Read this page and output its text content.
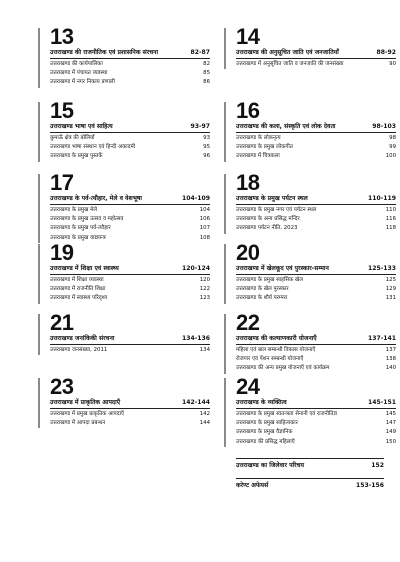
13
उत्तराखण्ड की राजनीतिक एवं प्रशासनिक संरचना	82-87
उत्तराखण्ड की कार्यपालिका	82
उत्तराखण्ड में पंचायत व्यवस्था	85
उत्तराखण्ड में नगर निकाय प्रणाली	86
15
उत्तराखण्ड भाषा एवं साहित्य	93-97
कुमाऊँ क्षेत्र की बोलियाँ	93
उत्तराखण्ड भाषा संस्थान एवं हिन्दी अकादमी	95
उत्तराखण्ड के प्रमुख पुस्तकें	96
17
उत्तराखण्ड के पर्व-त्यौहार, मेले व वेशभूषा	104-109
उत्तराखण्ड के प्रमुख मेले	104
उत्तराखण्ड के प्रमुख उत्सव व महोत्सव	106
उत्तराखण्ड के प्रमुख पर्व-त्यौहार	107
उत्तराखण्ड के प्रमुख वाद्ययन्त्र	108
19
उत्तराखण्ड में शिक्षा एवं स्वास्थ्य	120-124
उत्तराखण्ड में शिक्षा व्यवस्था	120
उत्तराखण्ड में राजनीति शिक्षा	122
उत्तराखण्ड में स्वास्थ्य परिदृश्य	123
21
उत्तराखण्ड जनांकिकी संरचना	134-136
उत्तराखण्ड जनसंख्या, 2011	134
23
उत्तराखण्ड में प्राकृतिक आपदाएँ	142-144
उत्तराखण्ड में प्रमुख प्राकृतिक आपदाएँ	142
उत्तराखण्ड में आपदा प्रबन्धन	144
14
उत्तराखण्ड की अनुसूचित जाति एवं जनजातियाँ	88-92
उत्तराखण्ड में अनुसूचित जाति व जनजाति की जनसंख्या	90
16
उत्तराखण्ड की कला, संस्कृति एवं लोक देवता	98-103
उत्तराखण्ड के लोकनृत्य	98
उत्तराखण्ड के प्रमुख लोकगीत	99
उत्तराखण्ड में चित्रकला	100
18
उत्तराखण्ड के प्रमुख पर्यटन स्थल	110-119
उत्तराखण्ड के प्रमुख नगर एवं पर्यटन स्थल	110
उत्तराखण्ड के अन्य प्रसिद्ध मन्दिर	116
उत्तराखण्ड पर्यटन नीति, 2023	118
20
उत्तराखण्ड में खेलकूद एवं पुरस्कार-सम्मान	125-133
उत्तराखण्ड के प्रमुख साहसिक खेल	125
उत्तराखण्ड के खेल पुरस्कार	129
उत्तराखण्ड के शौर्य परम्परा	131
22
उत्तराखण्ड की कल्याणकारी योजनाएँ	137-141
महिला एवं बाल सम्बन्धी विकास योजनाएँ	137
रोजगार एवं पेंशन सम्बन्धी योजनाएँ	138
उत्तराखण्ड की अन्य प्रमुख योजनाएँ एवं कार्यक्रम	140
24
उत्तराखण्ड के व्यक्तित्व	145-151
उत्तराखण्ड के प्रमुख स्वतन्त्रता सेनानी एवं राजनीतिज्ञ	145
उत्तराखण्ड के प्रमुख साहित्यकार	147
उत्तराखण्ड के प्रमुख वैज्ञानिक	149
उत्तराखण्ड की प्रसिद्ध महिलाएँ	150
उत्तराखण्ड का जिलेवार परिचय	152
करेण्ट अफेयर्स	153-156
